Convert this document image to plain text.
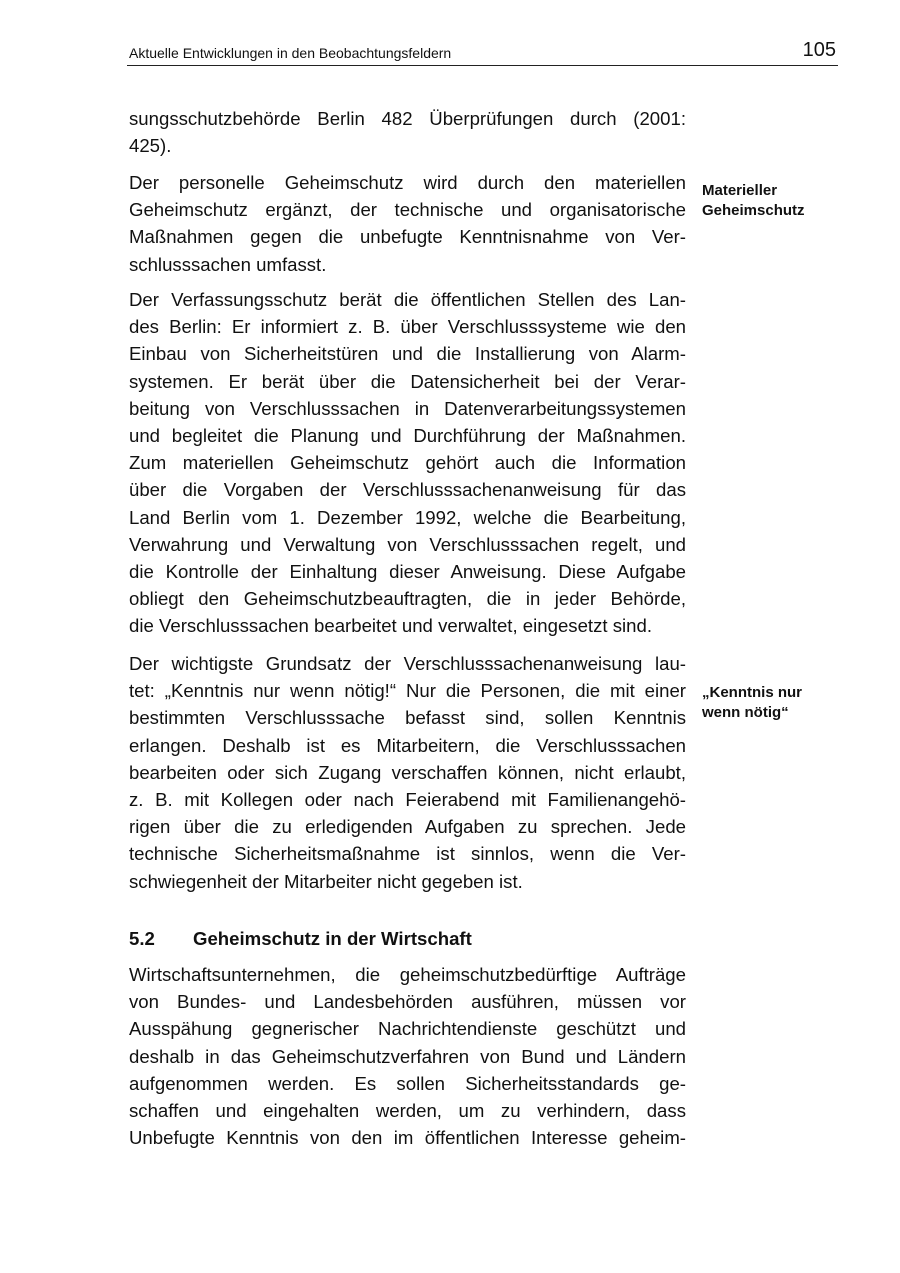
Aktuelle Entwicklungen in den Beobachtungsfeldern	105
sungsschutzbehörde Berlin 482 Überprüfungen durch (2001:
425).
Der personelle Geheimschutz wird durch den materiellen
Geheimschutz ergänzt, der technische und organisatorische
Maßnahmen gegen die unbefugte Kenntnisnahme von Ver-
schlusssachen umfasst.
Materieller
Geheimschutz
Der Verfassungsschutz berät die öffentlichen Stellen des Lan-
des Berlin: Er informiert z. B. über Verschlusssysteme wie den
Einbau von Sicherheitstüren und die Installierung von Alarm-
systemen. Er berät über die Datensicherheit bei der Verar-
beitung von Verschlusssachen in Datenverarbeitungssystemen
und begleitet die Planung und Durchführung der Maßnahmen.
Zum materiellen Geheimschutz gehört auch die Information
über die Vorgaben der Verschlusssachenanweisung für das
Land Berlin vom 1. Dezember 1992, welche die Bearbeitung,
Verwahrung und Verwaltung von Verschlusssachen regelt, und
die Kontrolle der Einhaltung dieser Anweisung. Diese Aufgabe
obliegt den Geheimschutzbeauftragten, die in jeder Behörde,
die Verschlusssachen bearbeitet und verwaltet, eingesetzt sind.
Der wichtigste Grundsatz der Verschlusssachenanweisung lau-
tet: „Kenntnis nur wenn nötig!“ Nur die Personen, die mit einer
bestimmten Verschlusssache befasst sind, sollen Kenntnis
erlangen. Deshalb ist es Mitarbeitern, die Verschlusssachen
bearbeiten oder sich Zugang verschaffen können, nicht erlaubt,
z. B. mit Kollegen oder nach Feierabend mit Familienangehö-
rigen über die zu erledigenden Aufgaben zu sprechen. Jede
technische Sicherheitsmaßnahme ist sinnlos, wenn die Ver-
schwiegenheit der Mitarbeiter nicht gegeben ist.
„Kenntnis nur
wenn nötig“
5.2 Geheimschutz in der Wirtschaft
Wirtschaftsunternehmen, die geheimschutzbedürftige Aufträge
von Bundes- und Landesbehörden ausführen, müssen vor
Ausspähung gegnerischer Nachrichtendienste geschützt und
deshalb in das Geheimschutzverfahren von Bund und Ländern
aufgenommen werden. Es sollen Sicherheitsstandards ge-
schaffen und eingehalten werden, um zu verhindern, dass
Unbefugte Kenntnis von den im öffentlichen Interesse geheim-
